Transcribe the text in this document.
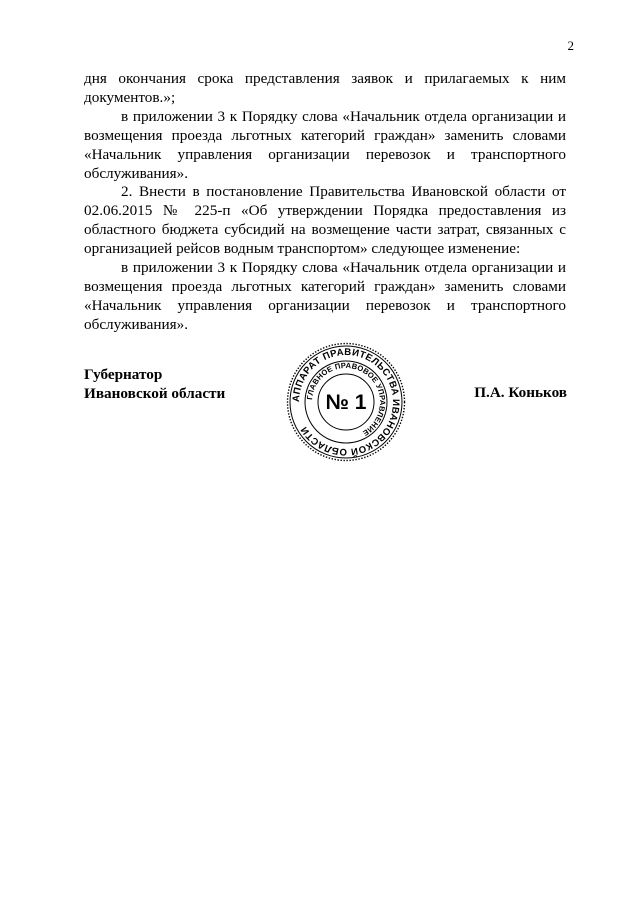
2

дня окончания срока представления заявок и прилагаемых к ним документов.»;

в приложении 3 к Порядку слова «Начальник отдела организации и возмещения проезда льготных категорий граждан» заменить словами «Начальник управления организации перевозок и транспортного обслуживания».

2. Внести в постановление Правительства Ивановской области от 02.06.2015 № 225-п «Об утверждении Порядка предоставления из областного бюджета субсидий на возмещение части затрат, связанных с организацией рейсов водным транспортом» следующее изменение:

в приложении 3 к Порядку слова «Начальник отдела организации и возмещения проезда льготных категорий граждан» заменить словами «Начальник управления организации перевозок и транспортного обслуживания».

Губернатор
Ивановской области	АППАРАТ ПРАВИТЕЛЬСТВА ИВАНОВСКОЙ ОБЛАСТИ
ГЛАВНОЕ ПРАВОВОЕ УПРАВЛЕНИЕ
№ 1	П.А. Коньков
